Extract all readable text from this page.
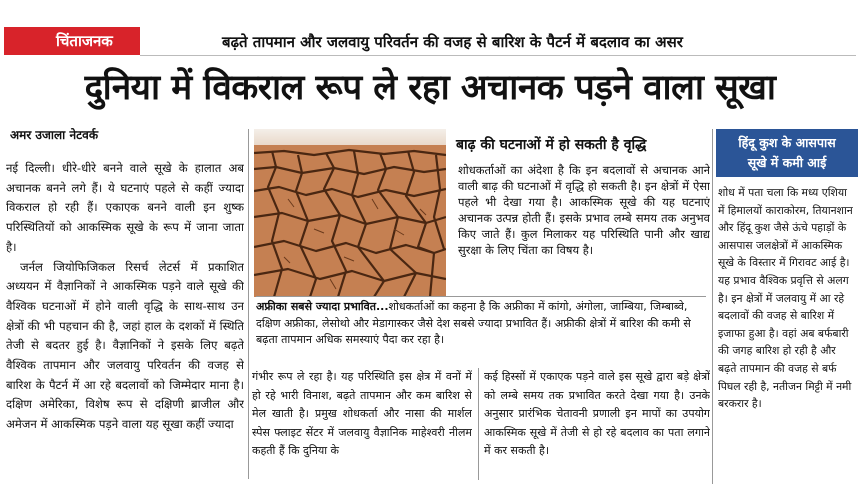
चिंताजनक	बढ़ते तापमान और जलवायु परिवर्तन की वजह से बारिश के पैटर्न में बदलाव का असर
दुनिया में विकराल रूप ले रहा अचानक पड़ने वाला सूखा
अमर उजाला नेटवर्क

नई दिल्ली। धीरे-धीरे बनने वाले सूखे के हालात अब अचानक बनने लगे हैं। ये घटनाएं पहले से कहीं ज्यादा विकराल हो रही हैं। एकाएक बनने वाली इन शुष्क परिस्थितियों को आकस्मिक सूखे के रूप में जाना जाता है।

जर्नल जियोफिजिकल रिसर्च लेटर्स में प्रकाशित अध्ययन में वैज्ञानिकों ने आकस्मिक पड़ने वाले सूखे की वैश्विक घटनाओं में होने वाली वृद्धि के साथ-साथ उन क्षेत्रों की भी पहचान की है, जहां हाल के दशकों में स्थिति तेजी से बदतर हुई है। वैज्ञानिकों ने इसके लिए बढ़ते वैश्विक तापमान और जलवायु परिवर्तन की वजह से बारिश के पैटर्न में आ रहे बदलावों को जिम्मेदार माना है। दक्षिण अमेरिका, विशेष रूप से दक्षिणी ब्राजील और अमेजन में आकस्मिक पड़ने वाला यह सूखा कहीं ज्यादा

बाढ़ की घटनाओं में हो सकती है वृद्धि
शोधकर्ताओं का अंदेशा है कि इन बदलावों से अचानक आने वाली बाढ़ की घटनाओं में वृद्धि हो सकती है। इन क्षेत्रों में ऐसा पहले भी देखा गया है। आकस्मिक सूखे की यह घटनाएं अचानक उत्पन्न होती हैं। इसके प्रभाव लम्बे समय तक अनुभव किए जाते हैं। कुल मिलाकर यह परिस्थिति पानी और खाद्य सुरक्षा के लिए चिंता का विषय है।
अफ्रीका सबसे ज्यादा प्रभावित...शोधकर्ताओं का कहना है कि अफ्रीका में कांगो, अंगोला, जाम्बिया, जिम्बाब्वे, दक्षिण अफ्रीका, लेसोथो और मेडागास्कर जैसे देश सबसे ज्यादा प्रभावित हैं। अफ्रीकी क्षेत्रों में बारिश की कमी से बढ़ता तापमान अधिक समस्याएं पैदा कर रहा है।
गंभीर रूप ले रहा है। यह परिस्थिति इस क्षेत्र में वनों में हो रहे भारी विनाश, बढ़ते तापमान और कम बारिश से मेल खाती है। प्रमुख शोधकर्ता और नासा की मार्शल स्पेस फ्लाइट सेंटर में जलवायु वैज्ञानिक माहेश्वरी नीलम कहती हैं कि दुनिया के
कई हिस्सों में एकाएक पड़ने वाले इस सूखे द्वारा बड़े क्षेत्रों को लम्बे समय तक प्रभावित करते देखा गया है। उनके अनुसार प्रारंभिक चेतावनी प्रणाली इन मापों का उपयोग आकस्मिक सूखे में तेजी से हो रहे बदलाव का पता लगाने में कर सकती है।
हिंदू कुश के आसपास
सूखे में कमी आई
शोध में पता चला कि मध्य एशिया में हिमालयों काराकोरम, तियानशान और हिंदू कुश जैसे ऊंचे पहाड़ों के आसपास जलक्षेत्रों में आकस्मिक सूखे के विस्तार में गिरावट आई है। यह प्रभाव वैश्विक प्रवृत्ति से अलग है। इन क्षेत्रों में जलवायु में आ रहे बदलावों की वजह से बारिश में इजाफा हुआ है। वहां अब बर्फबारी की जगह बारिश हो रही है और बढ़ते तापमान की वजह से बर्फ पिघल रही है, नतीजन मिट्टी में नमी बरकरार है।
